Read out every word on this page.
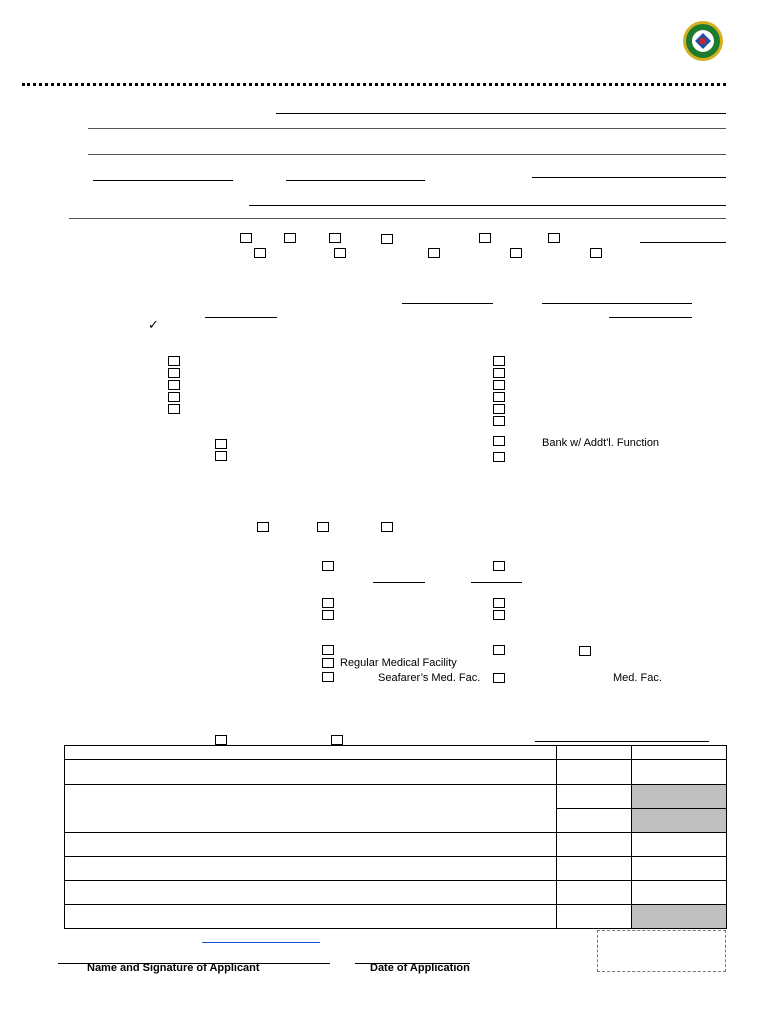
✓
Bank w/ Addt'l. Function
Regular Medical Facility
Seafarer’s Med. Fac.	Med. Fac.

Name and Signature of Applicant	Date of Application
